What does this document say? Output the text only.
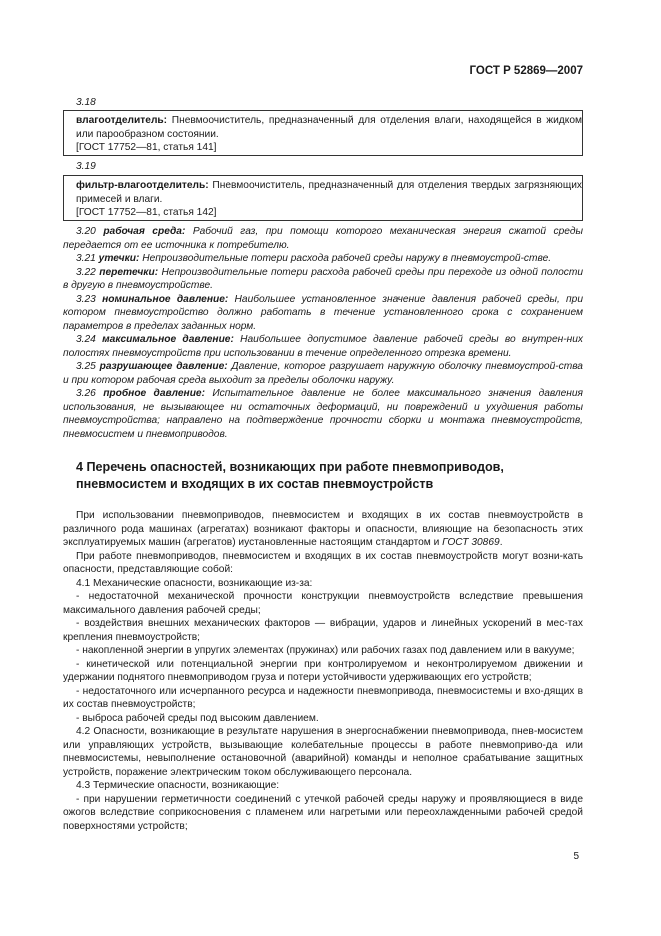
ГОСТ Р 52869—2007
3.18
влагоотделитель: Пневмоочиститель, предназначенный для отделения влаги, находящейся в жидком или парообразном состоянии.
[ГОСТ 17752—81, статья 141]
3.19
фильтр-влагоотделитель: Пневмоочиститель, предназначенный для отделения твердых загрязняющих примесей и влаги.
[ГОСТ 17752—81, статья 142]

3.20 рабочая среда: Рабочий газ, при помощи которого механическая энергия сжатой среды передается от ее источника к потребителю.

3.21 утечки: Непроизводительные потери расхода рабочей среды наружу в пневмоустрой-стве.

3.22 перетечки: Непроизводительные потери расхода рабочей среды при переходе из одной полости в другую в пневмоустройстве.

3.23 номинальное давление: Наибольшее установленное значение давления рабочей среды, при котором пневмоустройство должно работать в течение установленного срока с сохранением параметров в пределах заданных норм.

3.24 максимальное давление: Наибольшее допустимое давление рабочей среды во внутрен-них полостях пневмоустройств при использовании в течение определенного отрезка времени.

3.25 разрушающее давление: Давление, которое разрушает наружную оболочку пневмоустрой-ства и при котором рабочая среда выходит за пределы оболочки наружу.

3.26 пробное давление: Испытательное давление не более максимального значения давления использования, не вызывающее ни остаточных деформаций, ни повреждений и ухудшения работы пневмоустройства; направлено на подтверждение прочности сборки и монтажа пневмоустройств, пневмосистем и пневмоприводов.

4 Перечень опасностей, возникающих при работе пневмоприводов,
пневмосистем и входящих в их состав пневмоустройств

При использовании пневмоприводов, пневмосистем и входящих в их состав пневмоустройств в различного рода машинах (агрегатах) возникают факторы и опасности, влияющие на безопасность этих эксплуатируемых машин (агрегатов) иустановленные настоящим стандартом и ГОСТ 30869.

При работе пневмоприводов, пневмосистем и входящих в их состав пневмоустройств могут возни-кать опасности, представляющие собой:

4.1 Механические опасности, возникающие из-за:

- недостаточной механической прочности конструкции пневмоустройств вследствие превышения максимального давления рабочей среды;

- воздействия внешних механических факторов — вибрации, ударов и линейных ускорений в мес-тах крепления пневмоустройств;

- накопленной энергии в упругих элементах (пружинах) или рабочих газах под давлением или в вакууме;

- кинетической или потенциальной энергии при контролируемом и неконтролируемом движении и удержании поднятого пневмоприводом груза и потери устойчивости удерживающих его устройств;

- недостаточного или исчерпанного ресурса и надежности пневмопривода, пневмосистемы и вхо-дящих в их состав пневмоустройств;

- выброса рабочей среды под высоким давлением.

4.2 Опасности, возникающие в результате нарушения в энергоснабжении пневмопривода, пнев-мосистем или управляющих устройств, вызывающие колебательные процессы в работе пневмоприво-да или пневмосистемы, невыполнение остановочной (аварийной) команды и неполное срабатывание защитных устройств, поражение электрическим током обслуживающего персонала.

4.3 Термические опасности, возникающие:

- при нарушении герметичности соединений с утечкой рабочей среды наружу и проявляющиеся в виде ожогов вследствие соприкосновения с пламенем или нагретыми или переохлажденными рабочей средой поверхностями устройств;

5
